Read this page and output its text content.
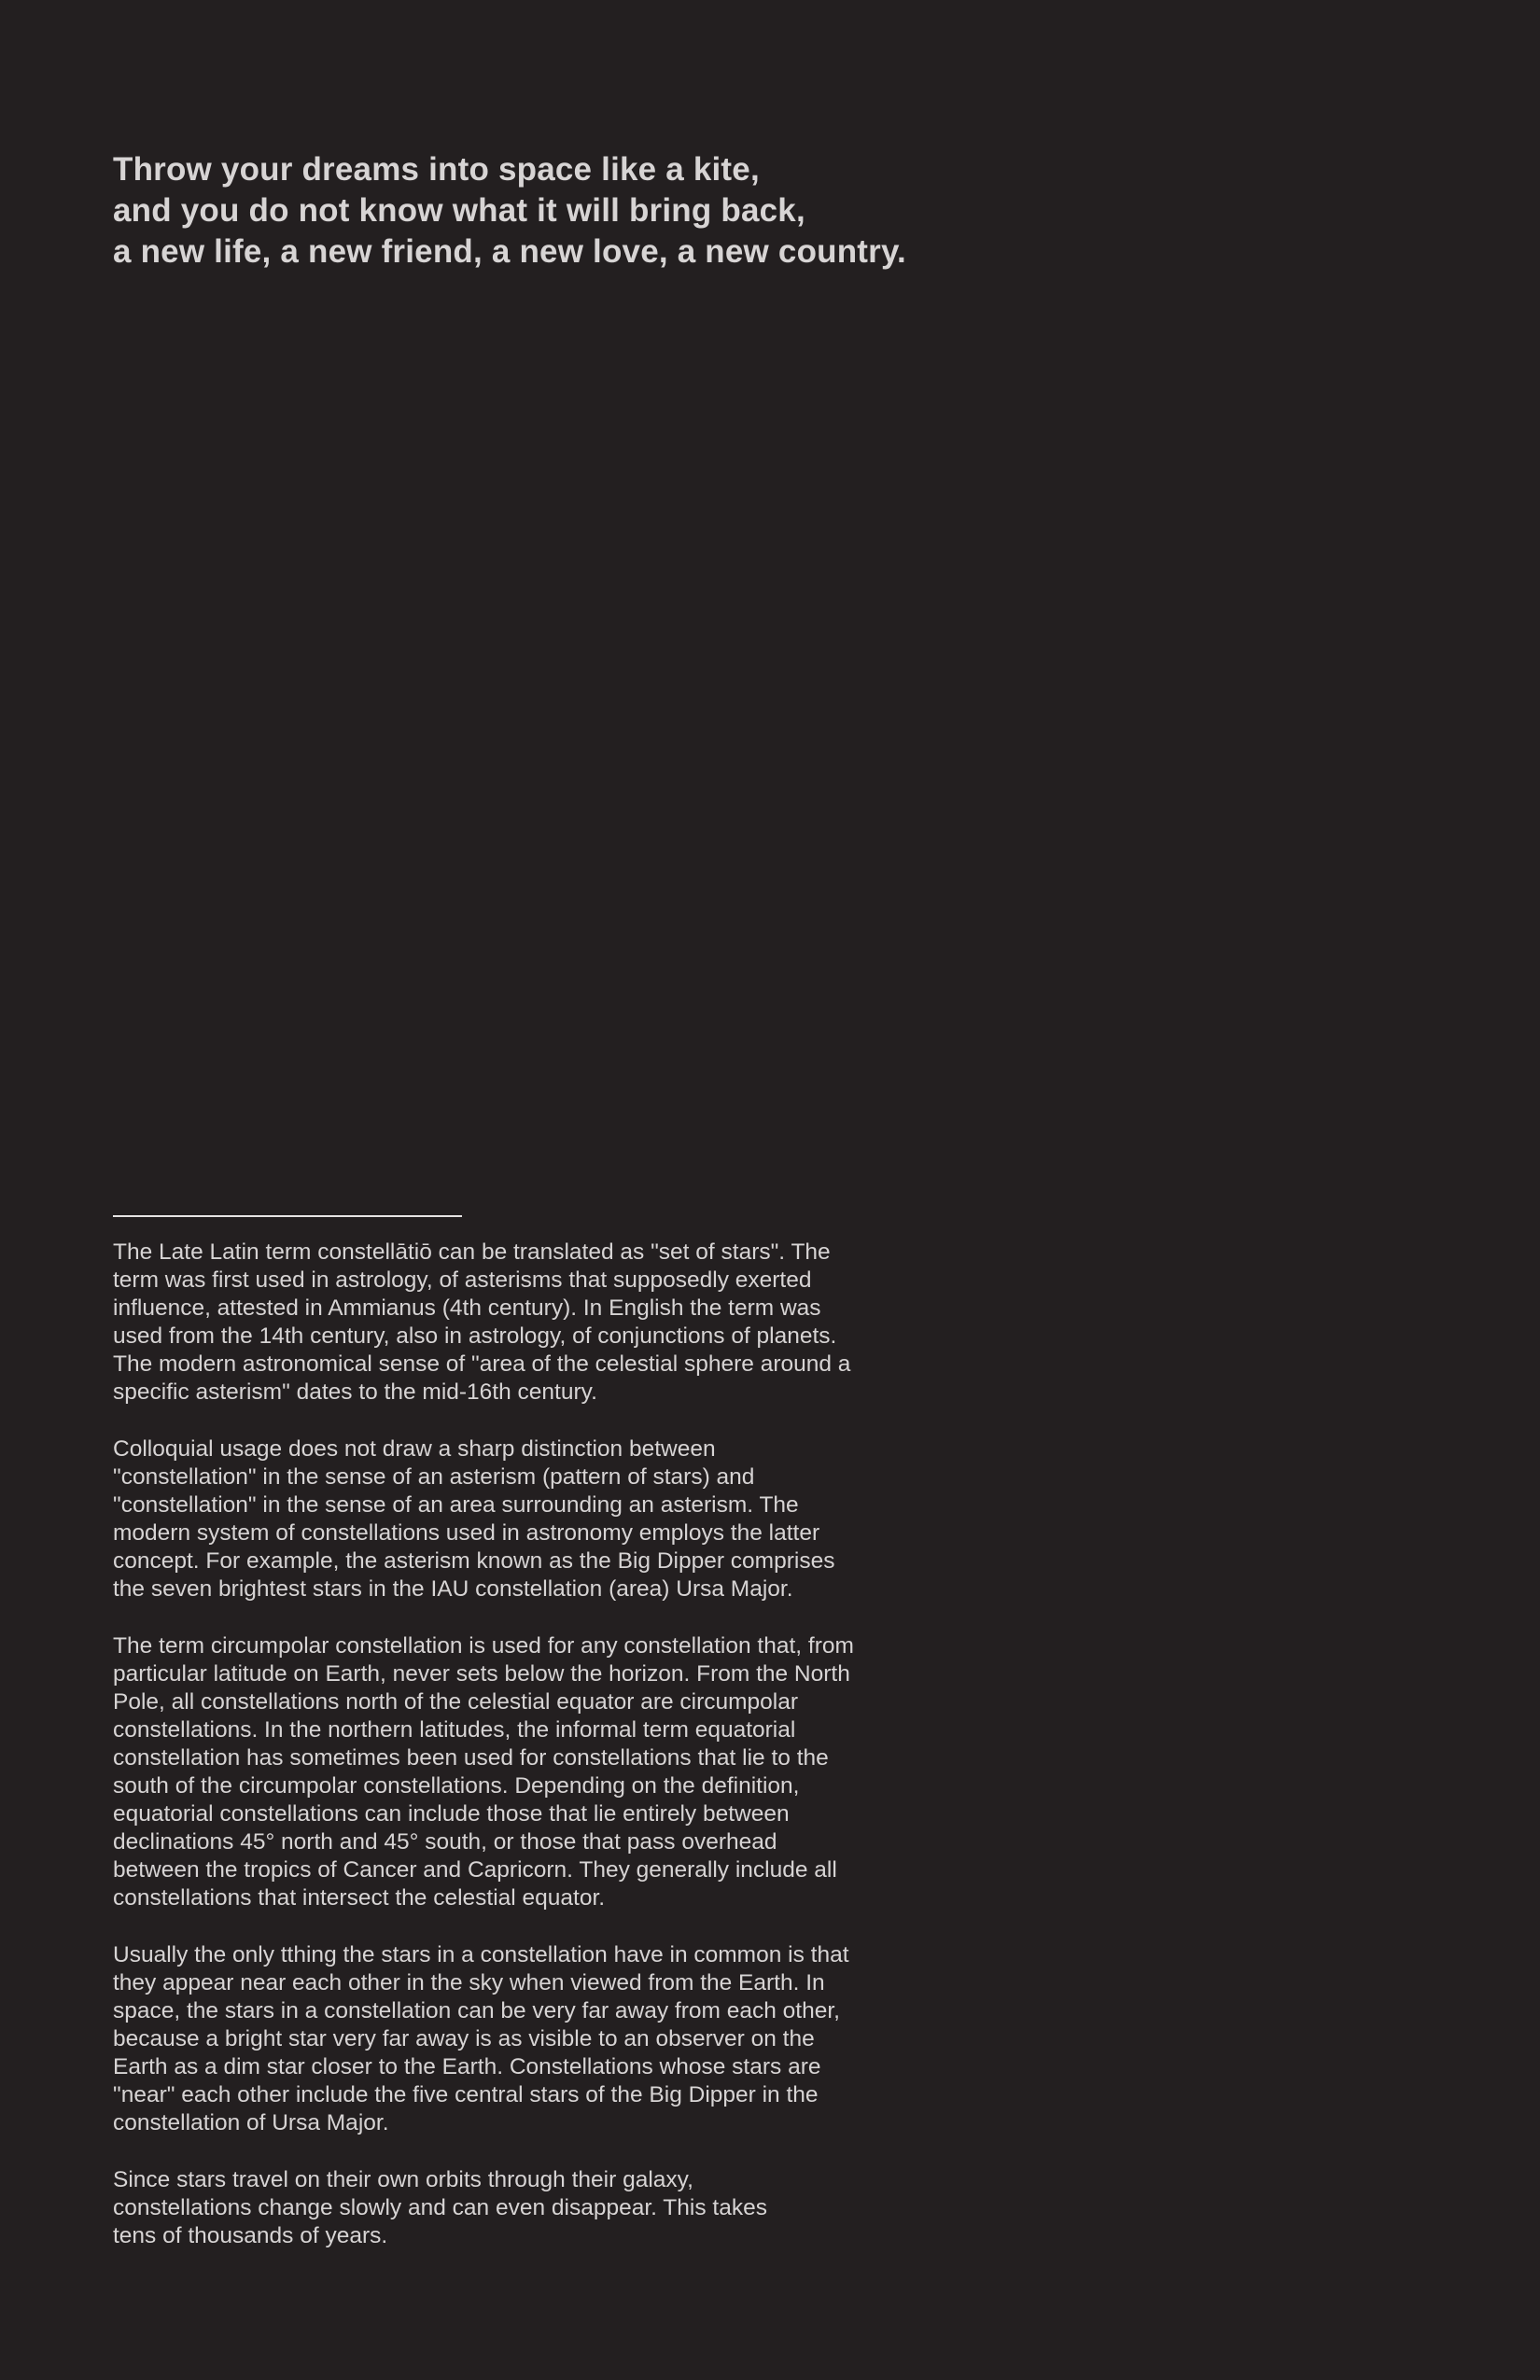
Throw your dreams into space like a kite,
and you do not know what it will bring back,
a new life, a new friend, a new love, a new country.

The Late Latin term constellātiō can be translated as "set of stars". The
term was first used in astrology, of asterisms that supposedly exerted
influence, attested in Ammianus (4th century). In English the term was
used from the 14th century, also in astrology, of conjunctions of planets.
The modern astronomical sense of "area of the celestial sphere around a
specific asterism" dates to the mid-16th century.

Colloquial usage does not draw a sharp distinction between
"constellation" in the sense of an asterism (pattern of stars) and
"constellation" in the sense of an area surrounding an asterism. The
modern system of constellations used in astronomy employs the latter
concept. For example, the asterism known as the Big Dipper comprises
the seven brightest stars in the IAU constellation (area) Ursa Major.

The term circumpolar constellation is used for any constellation that, from
particular latitude on Earth, never sets below the horizon. From the North
Pole, all constellations north of the celestial equator are circumpolar
constellations. In the northern latitudes, the informal term equatorial
constellation has sometimes been used for constellations that lie to the
south of the circumpolar constellations. Depending on the definition,
equatorial constellations can include those that lie entirely between
declinations 45° north and 45° south, or those that pass overhead
between the tropics of Cancer and Capricorn. They generally include all
constellations that intersect the celestial equator.

Usually the only tthing the stars in a constellation have in common is that
they appear near each other in the sky when viewed from the Earth. In
space, the stars in a constellation can be very far away from each other,
because a bright star very far away is as visible to an observer on the
Earth as a dim star closer to the Earth. Constellations whose stars are
"near" each other include the five central stars of the Big Dipper in the
constellation of Ursa Major.

Since stars travel on their own orbits through their galaxy,
constellations change slowly and can even disappear. This takes
tens of thousands of years.
